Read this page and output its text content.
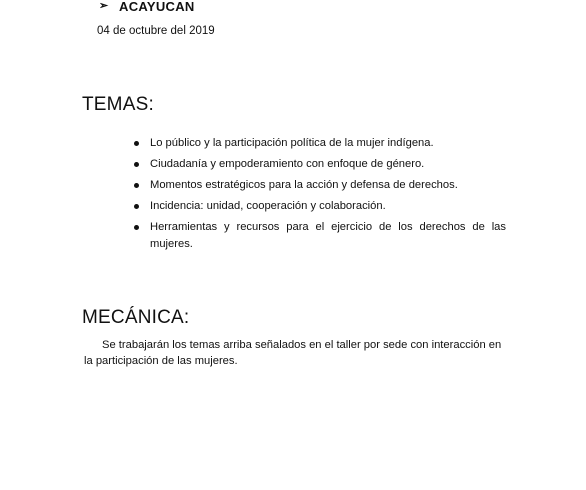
➢ ACAYUCAN
04 de octubre del 2019
TEMAS:
Lo público y la participación política de la mujer indígena.
Ciudadanía y empoderamiento con enfoque de género.
Momentos estratégicos para la acción y defensa de derechos.
Incidencia: unidad, cooperación y colaboración.
Herramientas y recursos para el ejercicio de los derechos de las mujeres.
MECÁNICA:

Se trabajarán los temas arriba señalados en el taller por sede con interacción en la participación de las mujeres.
